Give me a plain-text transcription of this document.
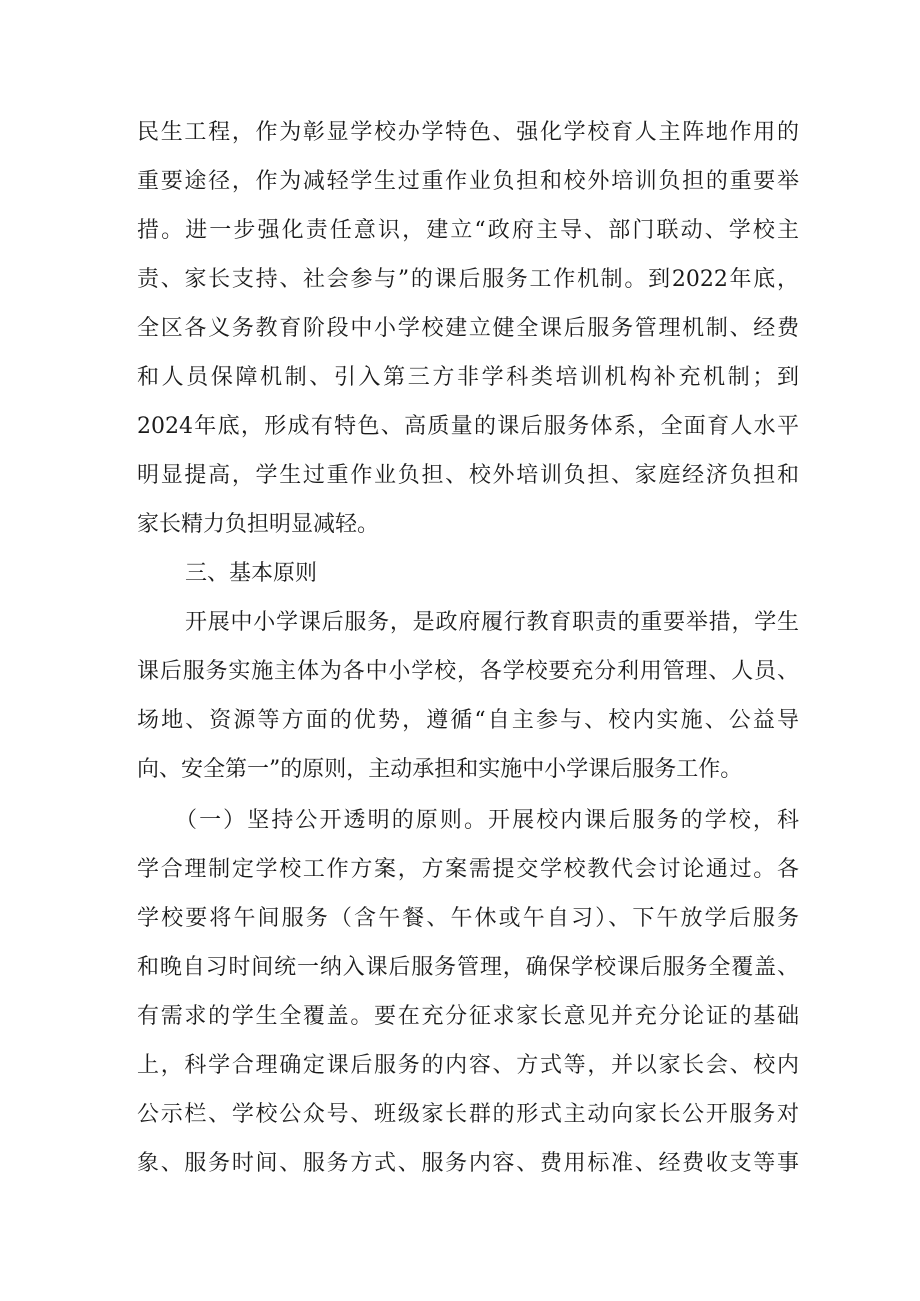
民生工程，作为彰显学校办学特色、强化学校育人主阵地作用的
重要途径，作为减轻学生过重作业负担和校外培训负担的重要举
措。进一步强化责任意识，建立“政府主导、部门联动、学校主
责、家长支持、社会参与”的课后服务工作机制。到2022年底，
全区各义务教育阶段中小学校建立健全课后服务管理机制、经费
和人员保障机制、引入第三方非学科类培训机构补充机制；到
2024年底，形成有特色、高质量的课后服务体系，全面育人水平
明显提高，学生过重作业负担、校外培训负担、家庭经济负担和
家长精力负担明显减轻。
三、基本原则
开展中小学课后服务，是政府履行教育职责的重要举措，学生
课后服务实施主体为各中小学校，各学校要充分利用管理、人员、
场地、资源等方面的优势，遵循“自主参与、校内实施、公益导
向、安全第一”的原则，主动承担和实施中小学课后服务工作。
（一）坚持公开透明的原则。开展校内课后服务的学校，科
学合理制定学校工作方案，方案需提交学校教代会讨论通过。各
学校要将午间服务（含午餐、午休或午自习）、下午放学后服务
和晚自习时间统一纳入课后服务管理，确保学校课后服务全覆盖、
有需求的学生全覆盖。要在充分征求家长意见并充分论证的基础
上，科学合理确定课后服务的内容、方式等，并以家长会、校内
公示栏、学校公众号、班级家长群的形式主动向家长公开服务对
象、服务时间、服务方式、服务内容、费用标准、经费收支等事
